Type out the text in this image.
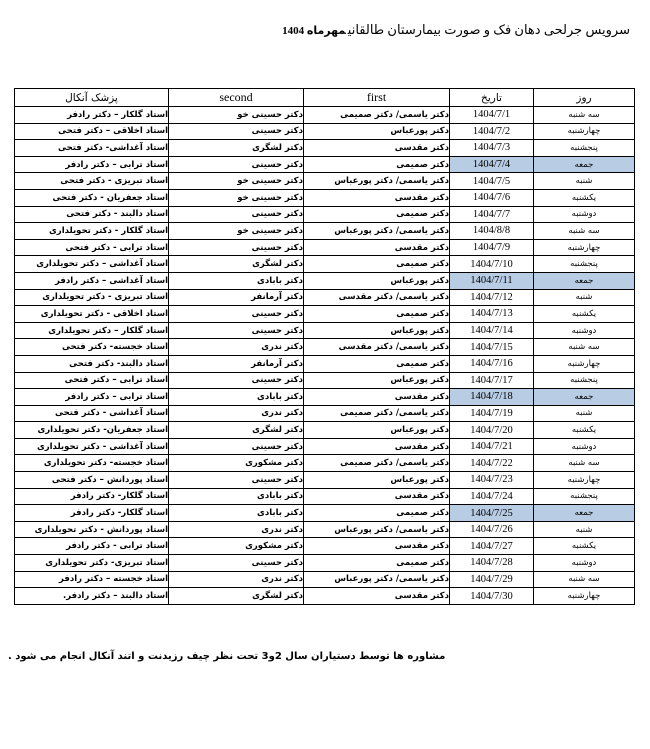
سرویس جرلحی دهان فک و صورت بیمارستان طالقانیمهرماه 1404
روز	تاریخ	first	second	پزشک آنکال
سه شنبه	1404/7/1	دکتر یاسمی/ دکتر صمیمی	دکتر حسینی خو	استاد گلکار – دکتر رادفر
چهارشنبه	1404/7/2	دکتر پورعباس	دکتر حسینی	استاد اخلاقی – دکتر فتحی
پنجشنبه	1404/7/3	دکتر مقدسی	دکتر لشگری	استاد آغداشی- دکتر فتحی
جمعه	1404/7/4	دکتر صمیمی	دکتر حسینی	استاد ترابی – دکتر رادفر
شنبه	1404/7/5	دکتر یاسمی/ دکتر پورعباس	دکتر حسینی خو	استاد تبریزی - دکتر فتحی
یکشنبه	1404/7/6	دکتر مقدسی	دکتر حسینی خو	استاد جعفریان - دکتر فتحی
دوشنبه	1404/7/7	دکتر صمیمی	دکتر حسینی	استاد دالبند - دکتر فتحی
سه شنبه	1404/8/8	دکتر یاسمی/ دکتر پورعباس	دکتر حسینی خو	استاد گلکار - دکتر تحویلداری
چهارشنبه	1404/7/9	دکتر مقدسی	دکتر حسینی	استاد ترابی - دکتر فتحی
پنجشنبه	1404/7/10	دکتر صمیمی	دکتر لشگری	استاد آغداشی – دکتر تحویلداری
جمعه	1404/7/11	دکتر پورعباس	دکتر بابادی	استاد آغداشی – دکتر رادفر
شنبه	1404/7/12	دکتر یاسمی/ دکتر مقدسی	دکتر آرمانفر	استاد تبریزی - دکتر تحویلداری
یکشنبه	1404/7/13	دکتر صمیمی	دکتر حسینی	استاد اخلاقی - دکتر تحویلداری
دوشنبه	1404/7/14	دکتر پورعباس	دکتر حسینی	استاد گلکار – دکتر تحویلداری
سه شنبه	1404/7/15	دکتر یاسمی/ دکتر مقدسی	دکتر ندری	استاد خجسته- دکتر فتحی
چهارشنبه	1404/7/16	دکتر صمیمی	دکتر آرمانفر	استاد دالبند- دکتر فتحی
پنجشنبه	1404/7/17	دکتر پورعباس	دکتر حسینی	استاد ترابی – دکتر فتحی
جمعه	1404/7/18	دکتر مقدسی	دکتر بابادی	استاد ترابی – دکتر رادفر
شنبه	1404/7/19	دکتر یاسمی/ دکتر صمیمی	دکتر ندری	استاد آغداشی - دکتر فتحی
یکشنبه	1404/7/20	دکتر پورعباس	دکتر لشگری	استاد جعفریان- دکتر تحویلداری
دوشنبه	1404/7/21	دکتر مقدسی	دکتر حسینی	استاد آغداشی - دکتر تحویلداری
سه شنبه	1404/7/22	دکتر یاسمی/ دکتر صمیمی	دکتر مشکوری	استاد خجسته- دکتر تحویلداری
چهارشنبه	1404/7/23	دکتر پورعباس	دکتر حسینی	استاد پوردانش – دکتر فتحی
پنجشنبه	1404/7/24	دکتر مقدسی	دکتر بابادی	استاد گلکار- دکتر رادفر
جمعه	1404/7/25	دکتر صمیمی	دکتر بابادی	استاد گلکار- دکتر رادفر
شنبه	1404/7/26	دکتر یاسمی/ دکتر پورعباس	دکتر ندری	استاد پوردانش - دکتر تحویلداری
یکشنبه	1404/7/27	دکتر مقدسی	دکتر مشکوری	استاد ترابی - دکتر رادفر
دوشنبه	1404/7/28	دکتر صمیمی	دکتر حسینی	استاد تبریزی- دکتر تحویلداری
سه شنبه	1404/7/29	دکتر یاسمی/ دکتر پورعباس	دکتر ندری	استاد خجسته – دکتر رادفر
چهارشنبه	1404/7/30	دکتر مقدسی	دکتر لشگری	استاد دالبند – دکتر رادفر.
مشاوره ها توسط دستیاران سال 2و3 تحت نظر چیف رزیدنت و اتند آنکال انجام می شود .
